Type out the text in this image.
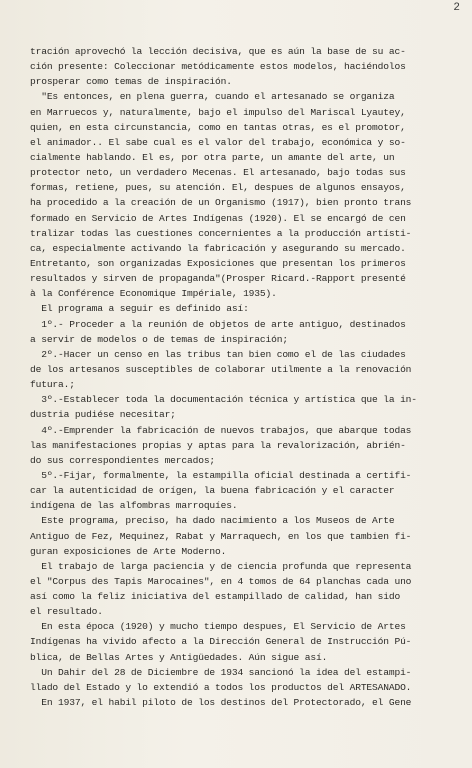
2
tración aprovechó la lección decisiva, que es aún la base de su ac-
ción presente: Coleccionar metódicamente estos modelos, haciéndolos
prosperar como temas de inspiración.
"Es entonces, en plena guerra, cuando el artesanado se organiza
en Marruecos y, naturalmente, bajo el impulso del Mariscal Lyautey,
quien, en esta circunstancia, como en tantas otras, es el promotor,
el animador.. El sabe cual es el valor del trabajo, económica y so-
cialmente hablando. El es, por otra parte, un amante del arte, un
protector neto, un verdadero Mecenas. El artesanado, bajo todas sus
formas, retiene, pues, su atención. El, despues de algunos ensayos,
ha procedido a la creación de un Organismo (1917), bien pronto trans
formado en Servicio de Artes Indígenas (1920). El se encargó de cen
tralizar todas las cuestiones concernientes a la producción artísti-
ca, especialmente activando la fabricación y asegurando su mercado.
Entretanto, son organizadas Exposiciones que presentan los primeros
resultados y sirven de propaganda"(Prosper Ricard.-Rapport presenté
à la Conférence Economique Impériale, 1935).
El programa a seguir es definido así:
1º.- Proceder a la reunión de objetos de arte antiguo, destinados
a servir de modelos o de temas de inspiración;
2º.-Hacer un censo en las tribus tan bien como el de las ciudades
de los artesanos susceptibles de colaborar utilmente a la renovación
futura.;
3º.-Establecer toda la documentación técnica y artística que la in-
dustria pudiése necesitar;
4º.-Emprender la fabricación de nuevos trabajos, que abarque todas
las manifestaciones propias y aptas para la revalorización, abrién-
do sus correspondientes mercados;
5º.-Fijar, formalmente, la estampilla oficial destinada a certifi-
car la autenticidad de orígen, la buena fabricación y el caracter
indígena de las alfombras marroquíes.
Este programa, preciso, ha dado nacimiento a los Museos de Arte
Antiguo de Fez, Mequinez, Rabat y Marraquech, en los que tambien fi-
guran exposiciones de Arte Moderno.
El trabajo de larga paciencia y de ciencia profunda que representa
el "Corpus des Tapis Marocaines", en 4 tomos de 64 planchas cada uno
así como la feliz iniciativa del estampillado de calidad, han sido
el resultado.
En esta época (1920) y mucho tiempo despues, El Servicio de Artes
Indígenas ha vivido afecto a la Dirección General de Instrucción Pú-
blica, de Bellas Artes y Antigüedades. Aún sigue así.
Un Dahir del 28 de Diciembre de 1934 sancionó la idea del estampi-
llado del Estado y lo extendió a todos los productos del ARTESANADO.
En 1937, el habil piloto de los destinos del Protectorado, el Gene
